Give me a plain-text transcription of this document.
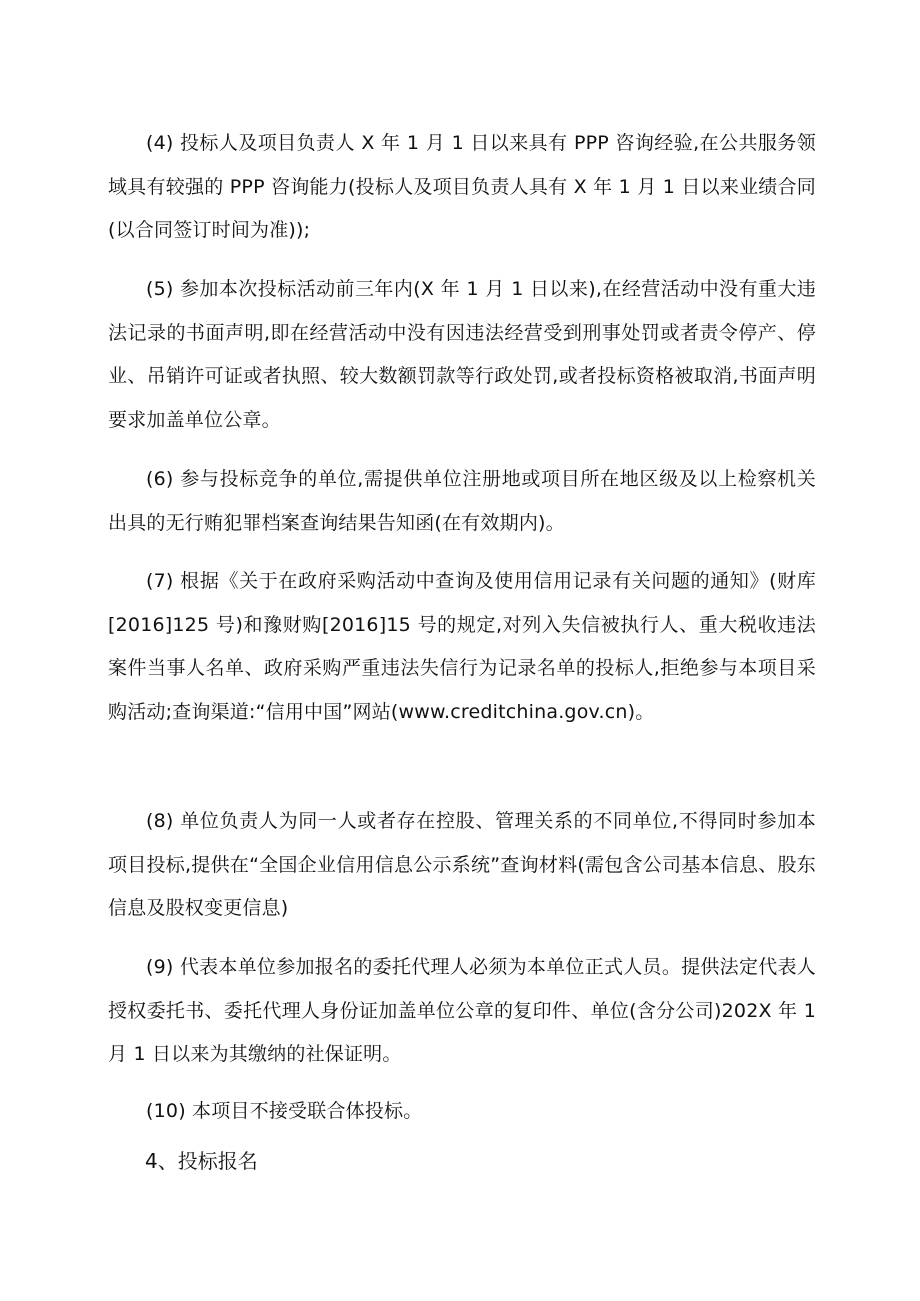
(4) 投标人及项目负责人 X 年 1 月 1 日以来具有 PPP 咨询经验,在公共服务领域具有较强的 PPP 咨询能力(投标人及项目负责人具有 X 年 1 月 1 日以来业绩合同(以合同签订时间为准));

(5) 参加本次投标活动前三年内(X 年 1 月 1 日以来),在经营活动中没有重大违法记录的书面声明,即在经营活动中没有因违法经营受到刑事处罚或者责令停产、停业、吊销许可证或者执照、较大数额罚款等行政处罚,或者投标资格被取消,书面声明要求加盖单位公章。

(6) 参与投标竞争的单位,需提供单位注册地或项目所在地区级及以上检察机关出具的无行贿犯罪档案查询结果告知函(在有效期内)。

(7) 根据《关于在政府采购活动中查询及使用信用记录有关问题的通知》(财库[2016]125 号)和豫财购[2016]15 号的规定,对列入失信被执行人、重大税收违法案件当事人名单、政府采购严重违法失信行为记录名单的投标人,拒绝参与本项目采购活动;查询渠道:“信用中国”网站(www.creditchina.gov.cn)。

(8) 单位负责人为同一人或者存在控股、管理关系的不同单位,不得同时参加本项目投标,提供在“全国企业信用信息公示系统”查询材料(需包含公司基本信息、股东信息及股权变更信息)

(9) 代表本单位参加报名的委托代理人必须为本单位正式人员。提供法定代表人授权委托书、委托代理人身份证加盖单位公章的复印件、单位(含分公司)202X 年 1 月 1 日以来为其缴纳的社保证明。

(10) 本项目不接受联合体投标。

4、投标报名
